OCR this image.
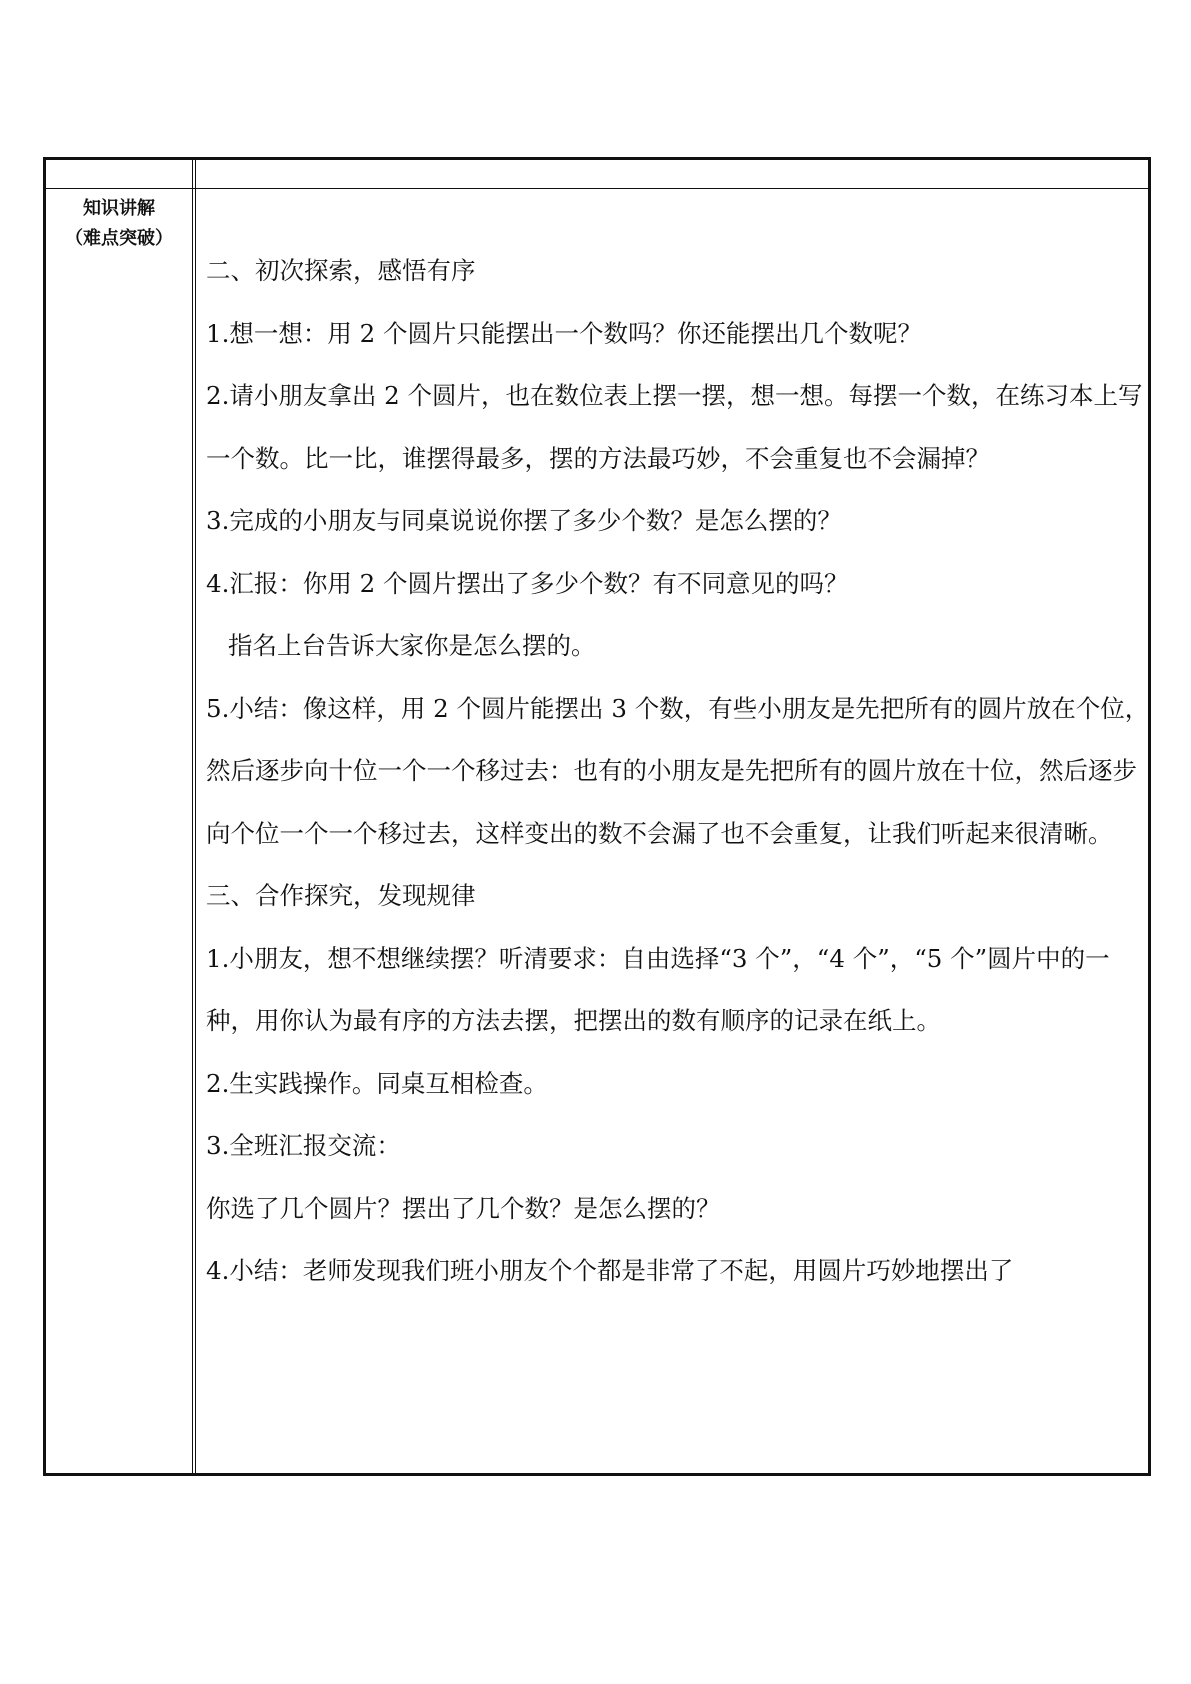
知识讲解
（难点突破）

二、初次探索，感悟有序

1.想一想：用 2 个圆片只能摆出一个数吗？你还能摆出几个数呢？

2.请小朋友拿出 2 个圆片，也在数位表上摆一摆，想一想。每摆一个数，在练习本上写一个数。比一比，谁摆得最多，摆的方法最巧妙，不会重复也不会漏掉？

3.完成的小朋友与同桌说说你摆了多少个数？是怎么摆的？

4.汇报：你用 2 个圆片摆出了多少个数？有不同意见的吗？

指名上台告诉大家你是怎么摆的。

5.小结：像这样，用 2 个圆片能摆出 3 个数，有些小朋友是先把所有的圆片放在个位，然后逐步向十位一个一个移过去：也有的小朋友是先把所有的圆片放在十位，然后逐步向个位一个一个移过去，这样变出的数不会漏了也不会重复，让我们听起来很清晰。

三、合作探究，发现规律

1.小朋友，想不想继续摆？听清要求：自由选择“3 个”，“4 个”，“5 个”圆片中的一种，用你认为最有序的方法去摆，把摆出的数有顺序的记录在纸上。

2.生实践操作。同桌互相检查。

3.全班汇报交流：

你选了几个圆片？摆出了几个数？是怎么摆的？

4.小结：老师发现我们班小朋友个个都是非常了不起，用圆片巧妙地摆出了
